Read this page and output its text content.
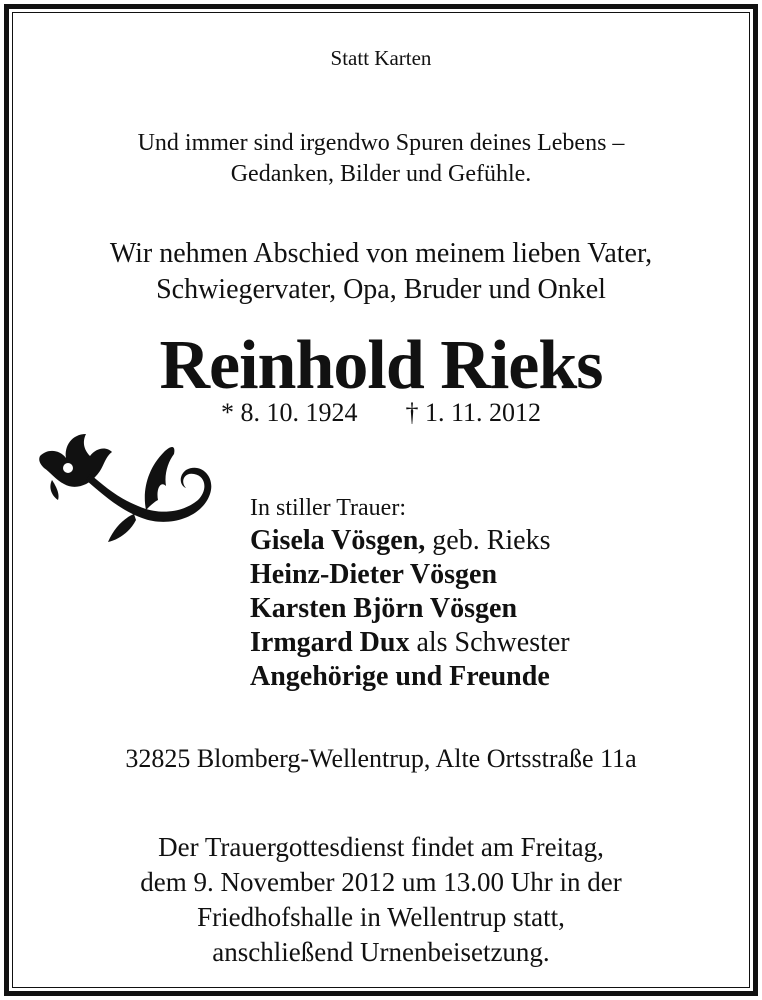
Statt Karten
Und immer sind irgendwo Spuren deines Lebens –
Gedanken, Bilder und Gefühle.
Wir nehmen Abschied von meinem lieben Vater,
Schwiegervater, Opa, Bruder und Onkel
Reinhold Rieks
* 8. 10. 1924 † 1. 11. 2012
In stiller Trauer:
Gisela Vösgen, geb. Rieks
Heinz-Dieter Vösgen
Karsten Björn Vösgen
Irmgard Dux als Schwester
Angehörige und Freunde
32825 Blomberg-Wellentrup, Alte Ortsstraße 11a
Der Trauergottesdienst findet am Freitag,
dem 9. November 2012 um 13.00 Uhr in der
Friedhofshalle in Wellentrup statt,
anschließend Urnenbeisetzung.
